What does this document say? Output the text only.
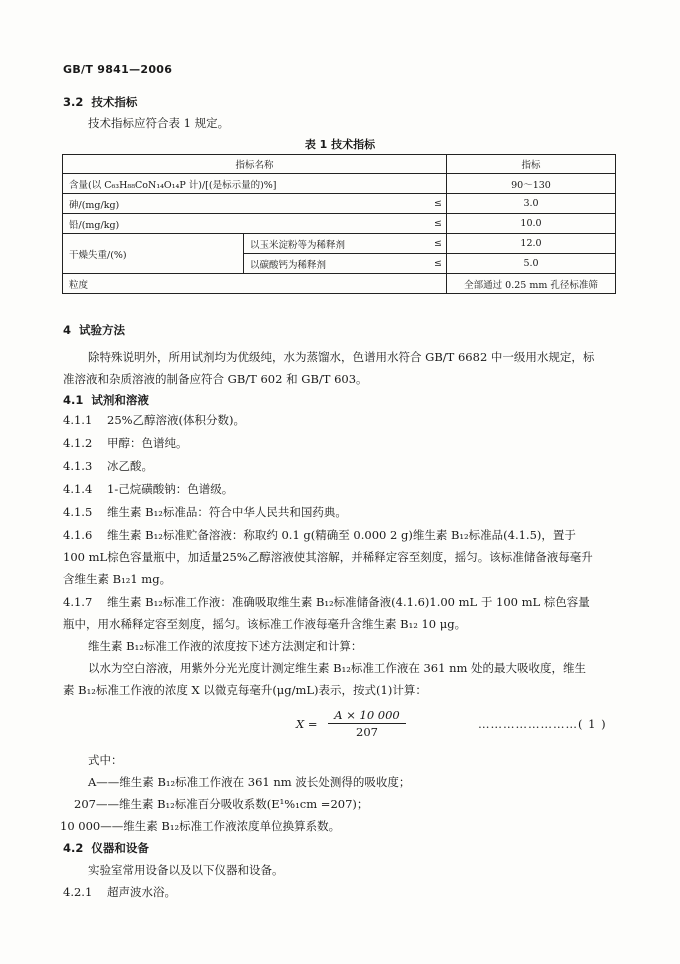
GB/T 9841—2006
3.2 技术指标
技术指标应符合表 1 规定。
表 1 技术指标
指标名称			指标
含量(以 C₆₃H₈₈CoN₁₄O₁₄P 计)/[(是标示量的)%]			90～130
砷/(mg/kg)		≤	3.0
铅/(mg/kg)		≤	10.0
干燥失重/(%)	以玉米淀粉等为稀释剂	≤	12.0
	以碳酸钙为稀释剂	≤	5.0
粒度			全部通过 0.25 mm 孔径标准筛
4 试验方法
除特殊说明外，所用试剂均为优级纯，水为蒸馏水，色谱用水符合 GB/T 6682 中一级用水规定，标
准溶液和杂质溶液的制备应符合 GB/T 602 和 GB/T 603。
4.1 试剂和溶液
4.1.1 25%乙醇溶液(体积分数)。
4.1.2 甲醇：色谱纯。
4.1.3 冰乙酸。
4.1.4 1-己烷磺酸钠：色谱级。
4.1.5 维生素 B₁₂标准品：符合中华人民共和国药典。
4.1.6 维生素 B₁₂标准贮备溶液：称取约 0.1 g(精确至 0.000 2 g)维生素 B₁₂标准品(4.1.5)，置于
100 mL棕色容量瓶中，加适量25%乙醇溶液使其溶解，并稀释定容至刻度，摇匀。该标准储备液每毫升
含维生素 B₁₂1 mg。
4.1.7 维生素 B₁₂标准工作液：准确吸取维生素 B₁₂标准储备液(4.1.6)1.00 mL 于 100 mL 棕色容量
瓶中，用水稀释定容至刻度，摇匀。该标准工作液每毫升含维生素 B₁₂ 10 μg。
维生素 B₁₂标准工作液的浓度按下述方法测定和计算：
以水为空白溶液，用紫外分光光度计测定维生素 B₁₂标准工作液在 361 nm 处的最大吸收度，维生
素 B₁₂标准工作液的浓度 X 以微克每毫升(μg/mL)表示，按式(1)计算：
$X = \frac{A \times 10 000}{207}$	……………………( 1 )
式中：
A——维生素 B₁₂标准工作液在 361 nm 波长处测得的吸收度；
207——维生素 B₁₂标准百分吸收系数(E¹%₁cm =207)；
10 000——维生素 B₁₂标准工作液浓度单位换算系数。
4.2 仪器和设备
实验室常用设备以及以下仪器和设备。
4.2.1 超声波水浴。
